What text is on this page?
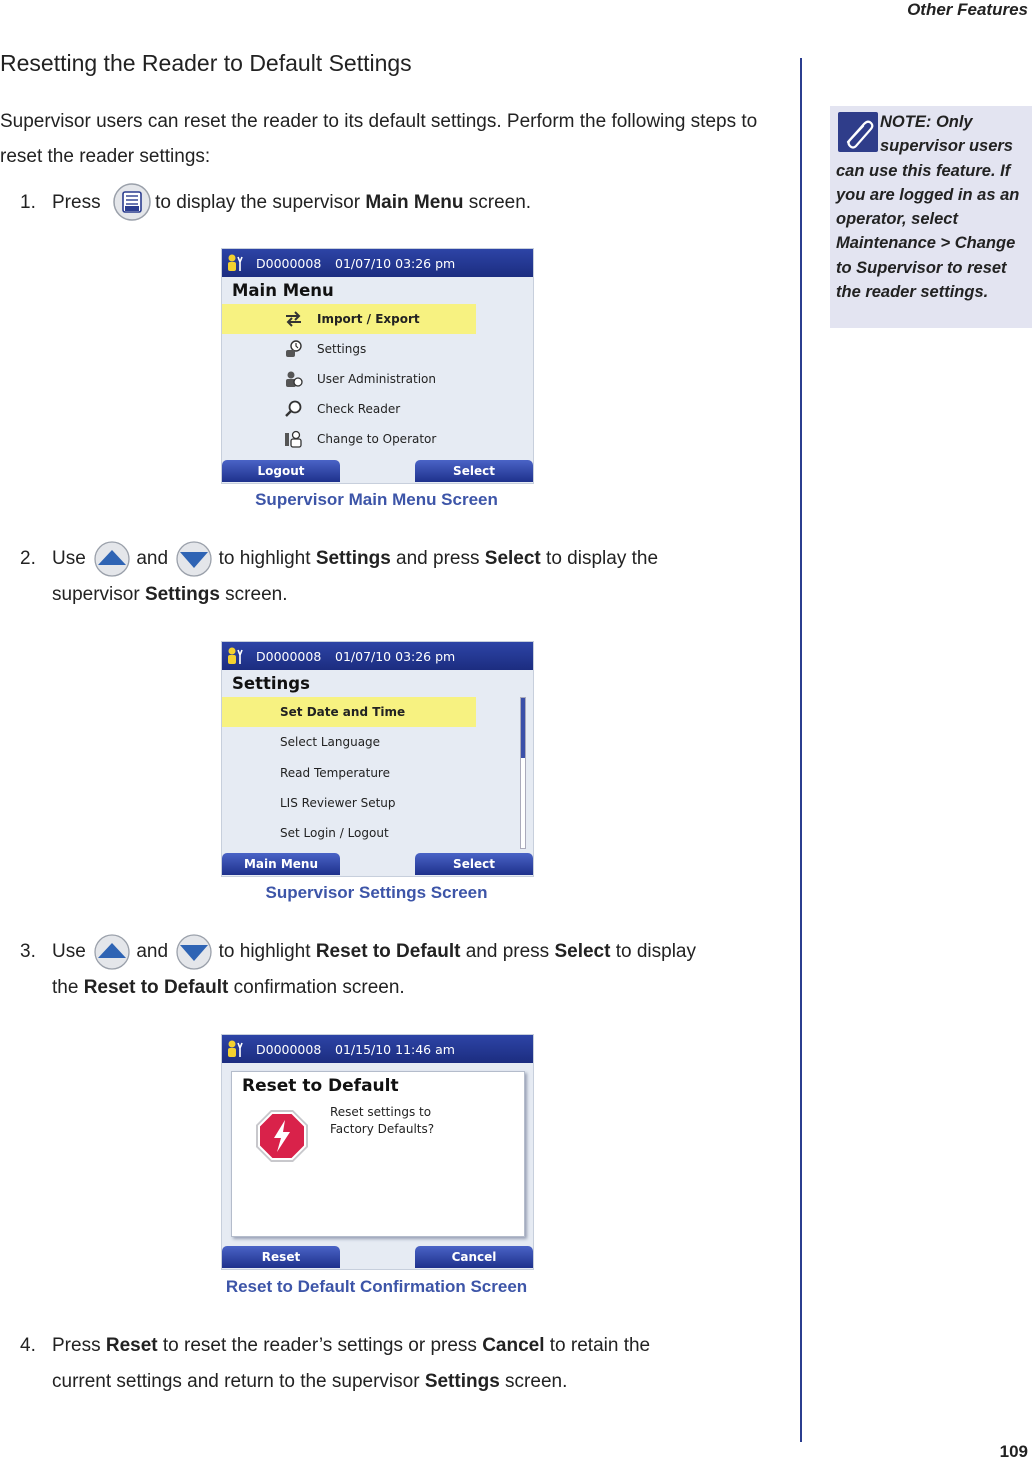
Other Features
109
Resetting the Reader to Default Settings

Supervisor users can reset the reader to its default settings. Perform the following steps to reset the reader settings:

NOTE: Only supervisor users can use this feature. If you are logged in as an operator, select Maintenance > Change to Supervisor to reset the reader settings.
1. Press	to display the supervisor Main Menu screen.
D0000008 01/07/10 03:26 pm
Main Menu
Import / Export
Settings
User Administration
Check Reader
Change to Operator
Logout	Select
Supervisor Main Menu Screen
2. Use	and	to highlight Settings and press Select to display the
supervisor Settings screen.
D0000008 01/07/10 03:26 pm
Settings
Set Date and Time
Select Language
Read Temperature
LIS Reviewer Setup
Set Login / Logout
Main Menu	Select
Supervisor Settings Screen
3. Use	and	to highlight Reset to Default and press Select to display
the Reset to Default confirmation screen.
D0000008 01/15/10 11:46 am
Reset to Default
Reset settings to
Factory Defaults?
Reset	Cancel
Reset to Default Confirmation Screen
4. Press Reset to reset the reader’s settings or press Cancel to retain the
current settings and return to the supervisor Settings screen.
